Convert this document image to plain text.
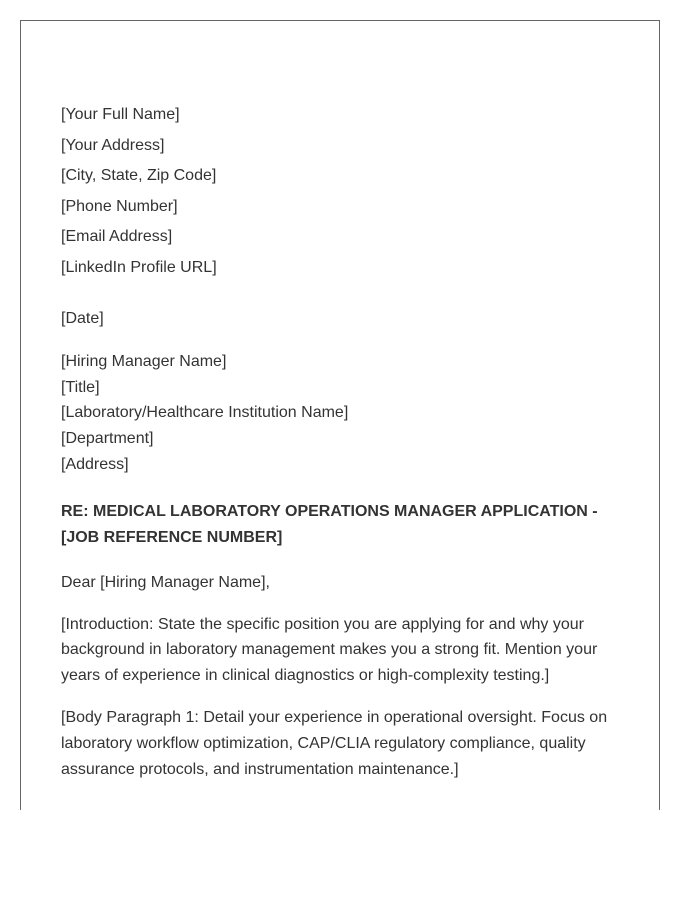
[Your Full Name]
[Your Address]
[City, State, Zip Code]
[Phone Number]
[Email Address]
[LinkedIn Profile URL]
[Date]
[Hiring Manager Name]
[Title]
[Laboratory/Healthcare Institution Name]
[Department]
[Address]
RE: MEDICAL LABORATORY OPERATIONS MANAGER APPLICATION - [JOB REFERENCE NUMBER]
Dear [Hiring Manager Name],
[Introduction: State the specific position you are applying for and why your background in laboratory management makes you a strong fit. Mention your years of experience in clinical diagnostics or high-complexity testing.]
[Body Paragraph 1: Detail your experience in operational oversight. Focus on laboratory workflow optimization, CAP/CLIA regulatory compliance, quality assurance protocols, and instrumentation maintenance.]
